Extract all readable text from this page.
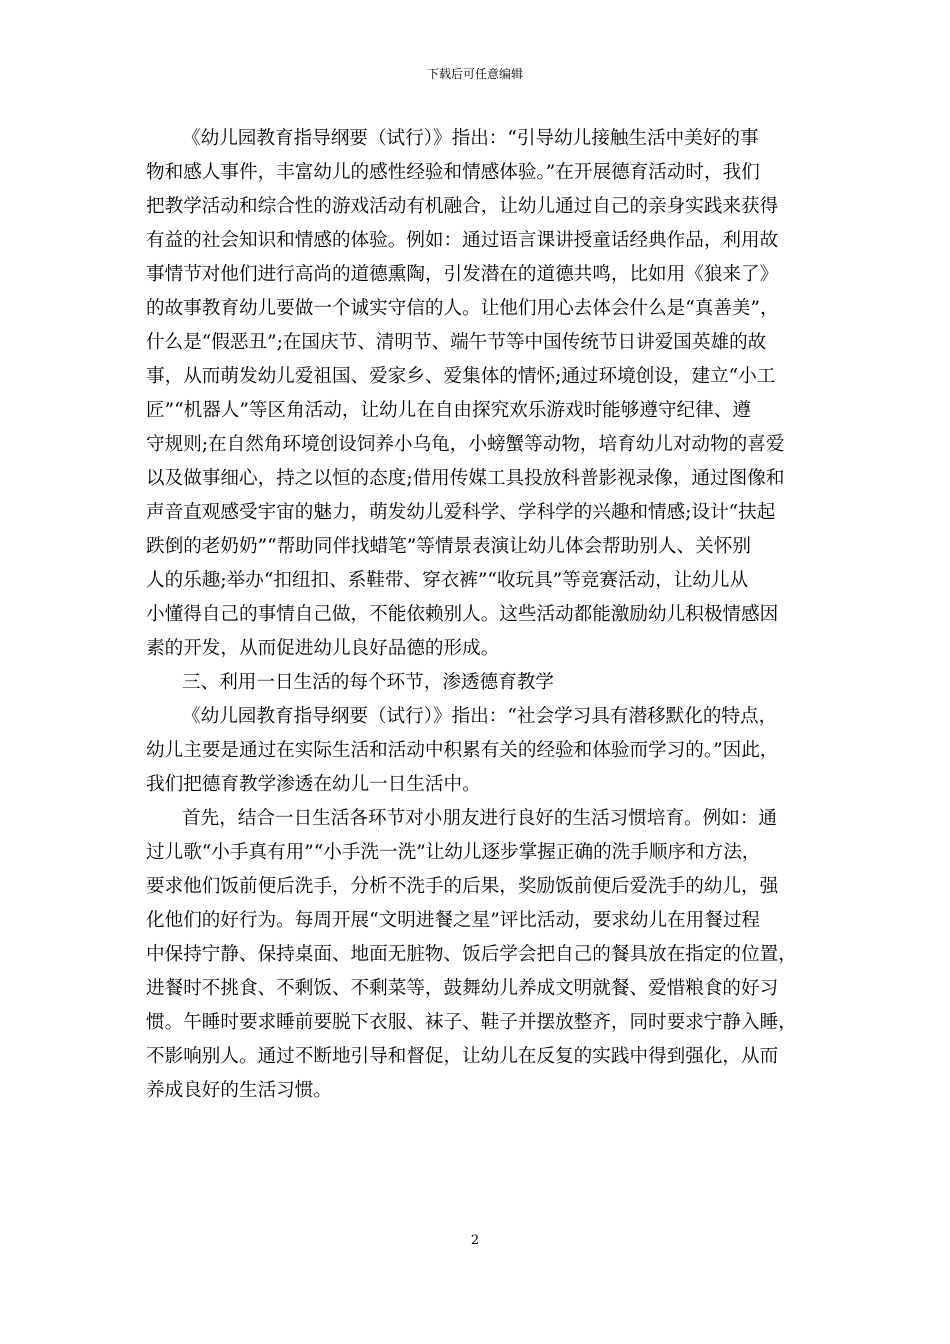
下载后可任意编辑
《幼儿园教育指导纲要（试行）》指出：“引导幼儿接触生活中美好的事
物和感人事件，丰富幼儿的感性经验和情感体验。”在开展德育活动时，我们
把教学活动和综合性的游戏活动有机融合，让幼儿通过自己的亲身实践来获得
有益的社会知识和情感的体验。例如：通过语言课讲授童话经典作品，利用故
事情节对他们进行高尚的道德熏陶，引发潜在的道德共鸣，比如用《狼来了》
的故事教育幼儿要做一个诚实守信的人。让他们用心去体会什么是“真善美”，
什么是“假恶丑”;在国庆节、清明节、端午节等中国传统节日讲爱国英雄的故
事，从而萌发幼儿爱祖国、爱家乡、爱集体的情怀;通过环境创设，建立“小工
匠”“机器人”等区角活动，让幼儿在自由探究欢乐游戏时能够遵守纪律、遵
守规则;在自然角环境创设饲养小乌龟，小螃蟹等动物，培育幼儿对动物的喜爱
以及做事细心，持之以恒的态度;借用传媒工具投放科普影视录像，通过图像和
声音直观感受宇宙的魅力，萌发幼儿爱科学、学科学的兴趣和情感;设计“扶起
跌倒的老奶奶”“帮助同伴找蜡笔”等情景表演让幼儿体会帮助别人、关怀别
人的乐趣;举办“扣纽扣、系鞋带、穿衣裤”“收玩具”等竞赛活动，让幼儿从
小懂得自己的事情自己做，不能依赖别人。这些活动都能激励幼儿积极情感因
素的开发，从而促进幼儿良好品德的形成。
三、利用一日生活的每个环节，渗透德育教学
《幼儿园教育指导纲要（试行）》指出：“社会学习具有潜移默化的特点，
幼儿主要是通过在实际生活和活动中积累有关的经验和体验而学习的。”因此，
我们把德育教学渗透在幼儿一日生活中。
首先，结合一日生活各环节对小朋友进行良好的生活习惯培育。例如：通
过儿歌“小手真有用”“小手洗一洗”让幼儿逐步掌握正确的洗手顺序和方法，
要求他们饭前便后洗手，分析不洗手的后果，奖励饭前便后爱洗手的幼儿，强
化他们的好行为。每周开展“文明进餐之星”评比活动，要求幼儿在用餐过程
中保持宁静、保持桌面、地面无脏物、饭后学会把自己的餐具放在指定的位置，
进餐时不挑食、不剩饭、不剩菜等，鼓舞幼儿养成文明就餐、爱惜粮食的好习
惯。午睡时要求睡前要脱下衣服、袜子、鞋子并摆放整齐，同时要求宁静入睡，
不影响别人。通过不断地引导和督促，让幼儿在反复的实践中得到强化，从而
养成良好的生活习惯。
2
